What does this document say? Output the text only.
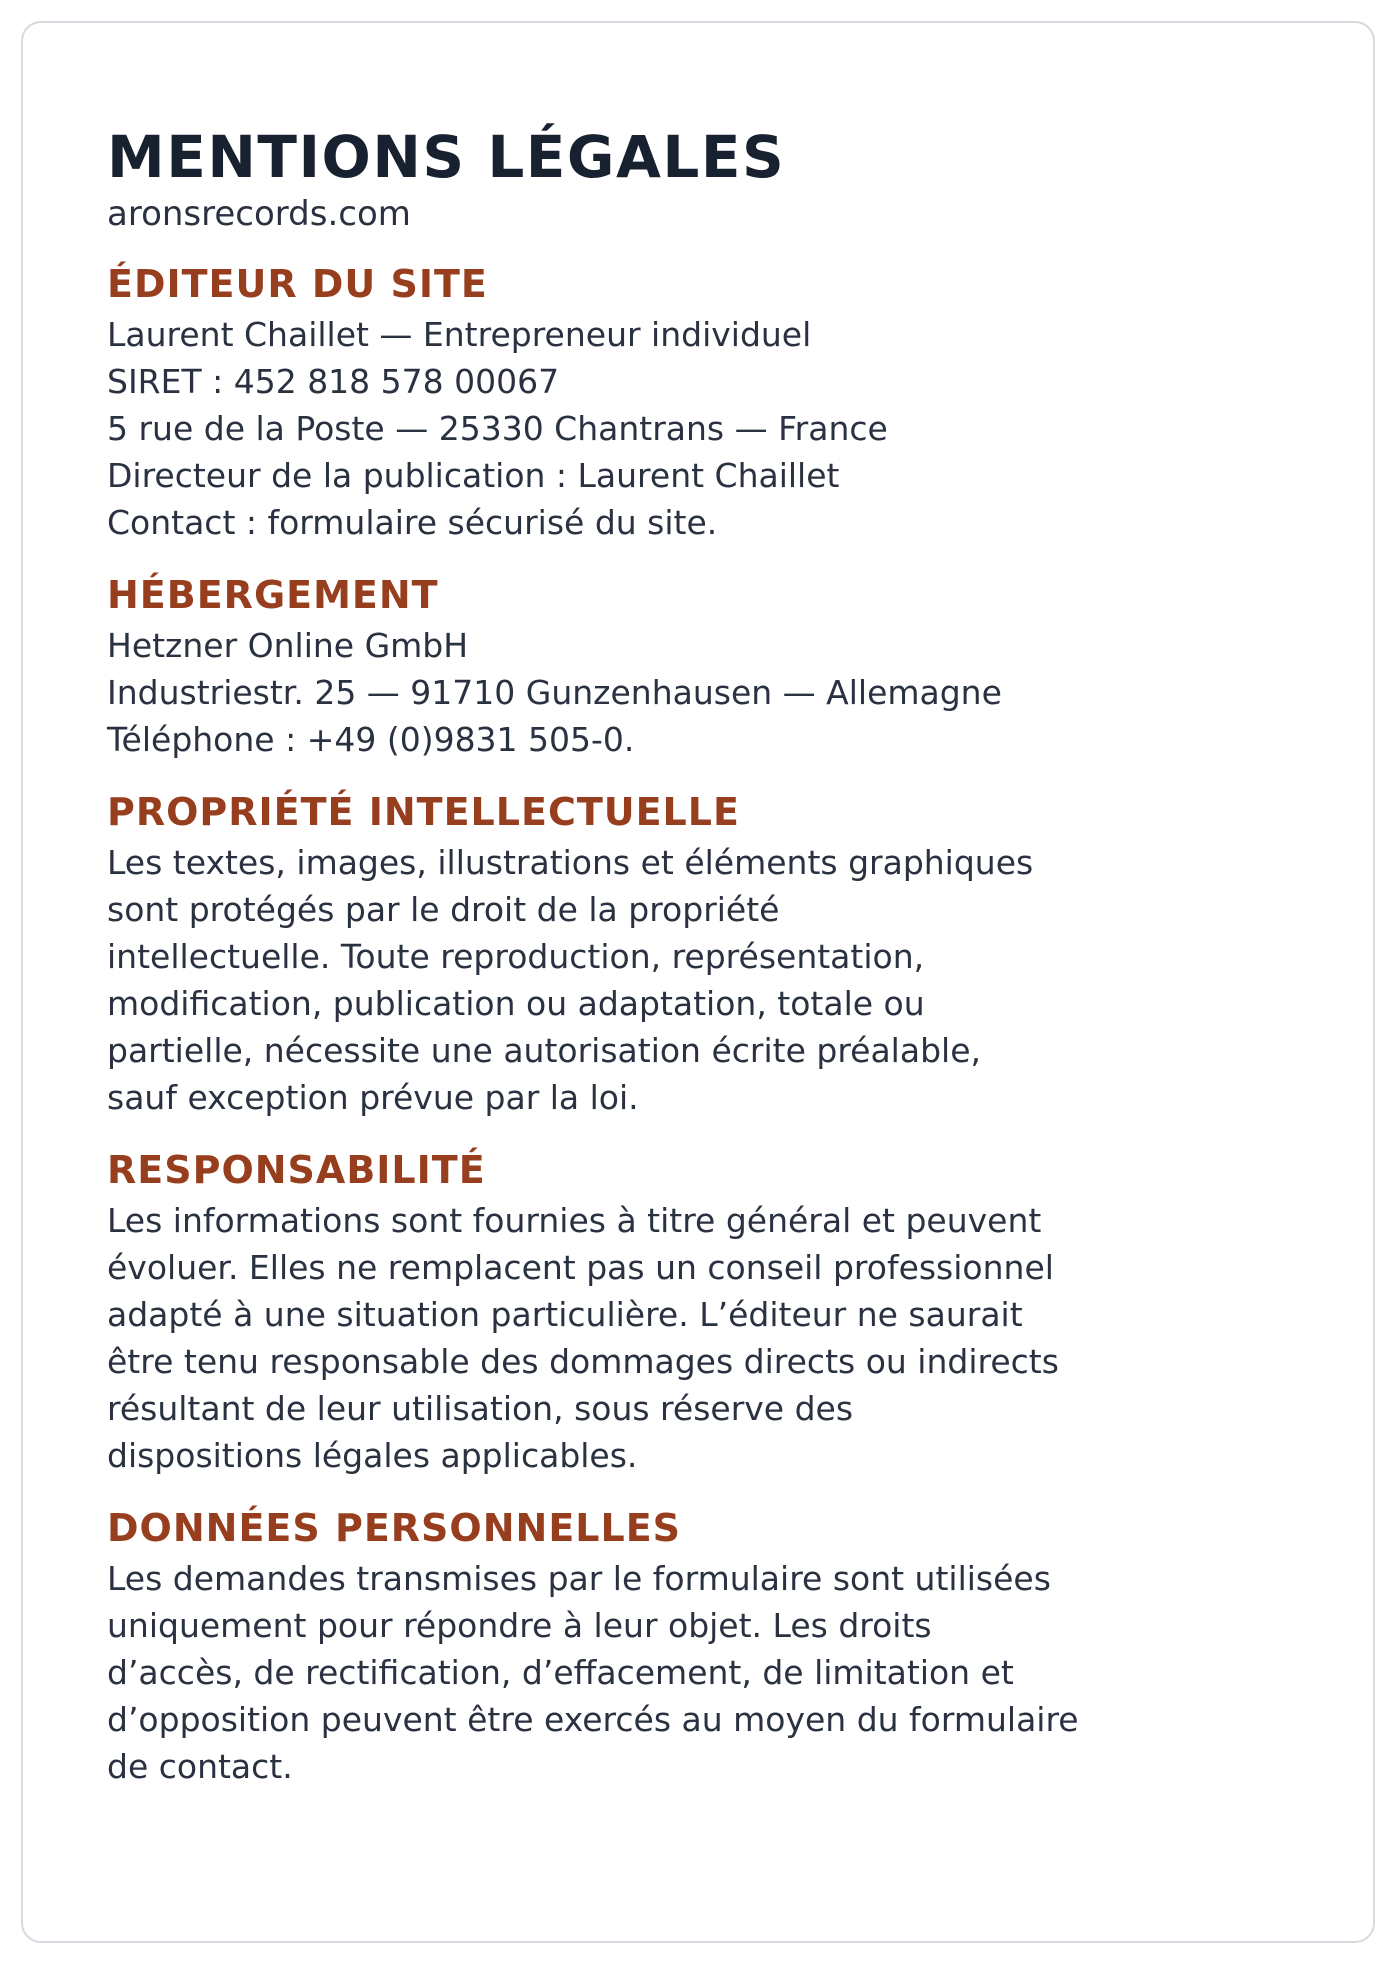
MENTIONS LÉGALES

aronsrecords.com

ÉDITEUR DU SITE

Laurent Chaillet — Entrepreneur individuel

SIRET : 452 818 578 00067

5 rue de la Poste — 25330 Chantrans — France

Directeur de la publication : Laurent Chaillet

Contact : formulaire sécurisé du site.

HÉBERGEMENT

Hetzner Online GmbH

Industriestr. 25 — 91710 Gunzenhausen — Allemagne

Téléphone : +49 (0)9831 505-0.

PROPRIÉTÉ INTELLECTUELLE

Les textes, images, illustrations et éléments graphiques
sont protégés par le droit de la propriété
intellectuelle. Toute reproduction, représentation,
modification, publication ou adaptation, totale ou
partielle, nécessite une autorisation écrite préalable,
sauf exception prévue par la loi.

RESPONSABILITÉ

Les informations sont fournies à titre général et peuvent
évoluer. Elles ne remplacent pas un conseil professionnel
adapté à une situation particulière. L’éditeur ne saurait
être tenu responsable des dommages directs ou indirects
résultant de leur utilisation, sous réserve des
dispositions légales applicables.

DONNÉES PERSONNELLES

Les demandes transmises par le formulaire sont utilisées
uniquement pour répondre à leur objet. Les droits
d’accès, de rectification, d’effacement, de limitation et
d’opposition peuvent être exercés au moyen du formulaire
de contact.
